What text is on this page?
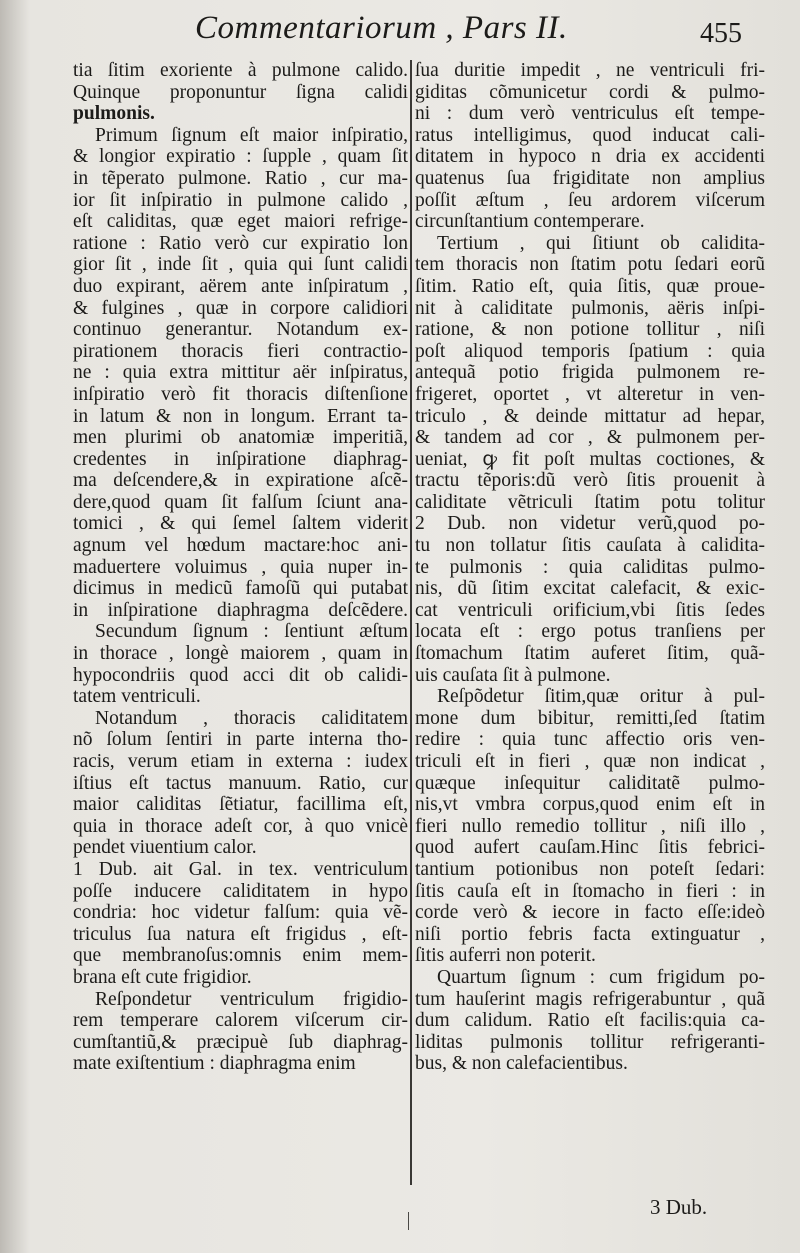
Commentariorum , Pars II.	455
tia ſitim exoriente à pulmone calido.
Quinque proponuntur ſigna calidi
pulmonis.
Primum ſignum eſt maior inſpiratio,
& longior expiratio : ſupple , quam ſit
in tẽperato pulmone. Ratio , cur ma-
ior ſit inſpiratio in pulmone calido ,
eſt caliditas, quæ eget maiori refrige-
ratione : Ratio verò cur expiratio lon
gior ſit , inde ſit , quia qui ſunt calidi
duo expirant, aërem ante inſpiratum ,
& fulgines , quæ in corpore calidiori
continuo generantur. Notandum ex-
pirationem thoracis fieri contractio-
ne : quia extra mittitur aër inſpiratus,
inſpiratio verò fit thoracis diſtenſione
in latum & non in longum. Errant ta-
men plurimi ob anatomiæ imperitiã,
credentes in inſpiratione diaphrag-
ma deſcendere,& in expiratione aſcẽ-
dere,quod quam ſit falſum ſciunt ana-
tomici , & qui ſemel ſaltem viderit
agnum vel hœdum mactare:hoc ani-
maduertere voluimus , quia nuper in-
dicimus in medicũ famoſũ qui putabat
in inſpiratione diaphragma deſcẽdere.
Secundum ſignum : ſentiunt æſtum
in thorace , longè maiorem , quam in
hypocondriis quod acci dit ob calidi-
tatem ventriculi.
Notandum , thoracis caliditatem
nõ ſolum ſentiri in parte interna tho-
racis, verum etiam in externa : iudex
iſtius eſt tactus manuum. Ratio, cur
maior caliditas ſẽtiatur, facillima eſt,
quia in thorace adeſt cor, à quo vnicè
pendet viuentium calor.
1 Dub. ait Gal. in tex. ventriculum
poſſe inducere caliditatem in hypo
condria: hoc videtur falſum: quia vẽ-
triculus ſua natura eſt frigidus , eſt-
que membranoſus:omnis enim mem-
brana eſt cute frigidior.
Reſpondetur ventriculum frigidio-
rem temperare calorem viſcerum cir-
cumſtantiũ,& præcipuè ſub diaphrag-
mate exiſtentium : diaphragma enim
ſua duritie impedit , ne ventriculi fri-
giditas cõmunicetur cordi & pulmo-
ni : dum verò ventriculus eſt tempe-
ratus intelligimus, quod inducat cali-
ditatem in hypoco n dria ex accidenti
quatenus ſua frigiditate non amplius
poſſit æſtum , ſeu ardorem viſcerum
circunſtantium contemperare.
Tertium , qui ſitiunt ob calidita-
tem thoracis non ſtatim potu ſedari eorũ
ſitim. Ratio eſt, quia ſitis, quæ proue-
nit à caliditate pulmonis, aëris inſpi-
ratione, & non potione tollitur , niſi
poſt aliquod temporis ſpatium : quia
antequã potio frigida pulmonem re-
frigeret, oportet , vt alteretur in ven-
triculo , & deinde mittatur ad hepar,
& tandem ad cor , & pulmonem per-
ueniat, ꝙ fit poſt multas coctiones, &
tractu tẽporis:dũ verò ſitis prouenit à
caliditate vẽtriculi ſtatim potu tolitur
2 Dub. non videtur verũ,quod po-
tu non tollatur ſitis cauſata à calidita-
te pulmonis : quia caliditas pulmo-
nis, dũ ſitim excitat calefacit, & exic-
cat ventriculi orificium,vbi ſitis ſedes
locata eſt : ergo potus tranſiens per
ſtomachum ſtatim auferet ſitim, quã-
uis cauſata ſit à pulmone.
Reſpõdetur ſitim,quæ oritur à pul-
mone dum bibitur, remitti,ſed ſtatim
redire : quia tunc affectio oris ven-
triculi eſt in fieri , quæ non indicat ,
quæque inſequitur caliditatẽ pulmo-
nis,vt vmbra corpus,quod enim eſt in
fieri nullo remedio tollitur , niſi illo ,
quod aufert cauſam.Hinc ſitis febrici-
tantium potionibus non poteſt ſedari:
ſitis cauſa eſt in ſtomacho in fieri : in
corde verò & iecore in facto eſſe:ideò
niſi portio febris facta extinguatur ,
ſitis auferri non poterit.
Quartum ſignum : cum frigidum po-
tum hauſerint magis refrigerabuntur , quã
dum calidum. Ratio eſt facilis:quia ca-
liditas pulmonis tollitur refrigeranti-
bus, & non calefacientibus.
3 Dub.
